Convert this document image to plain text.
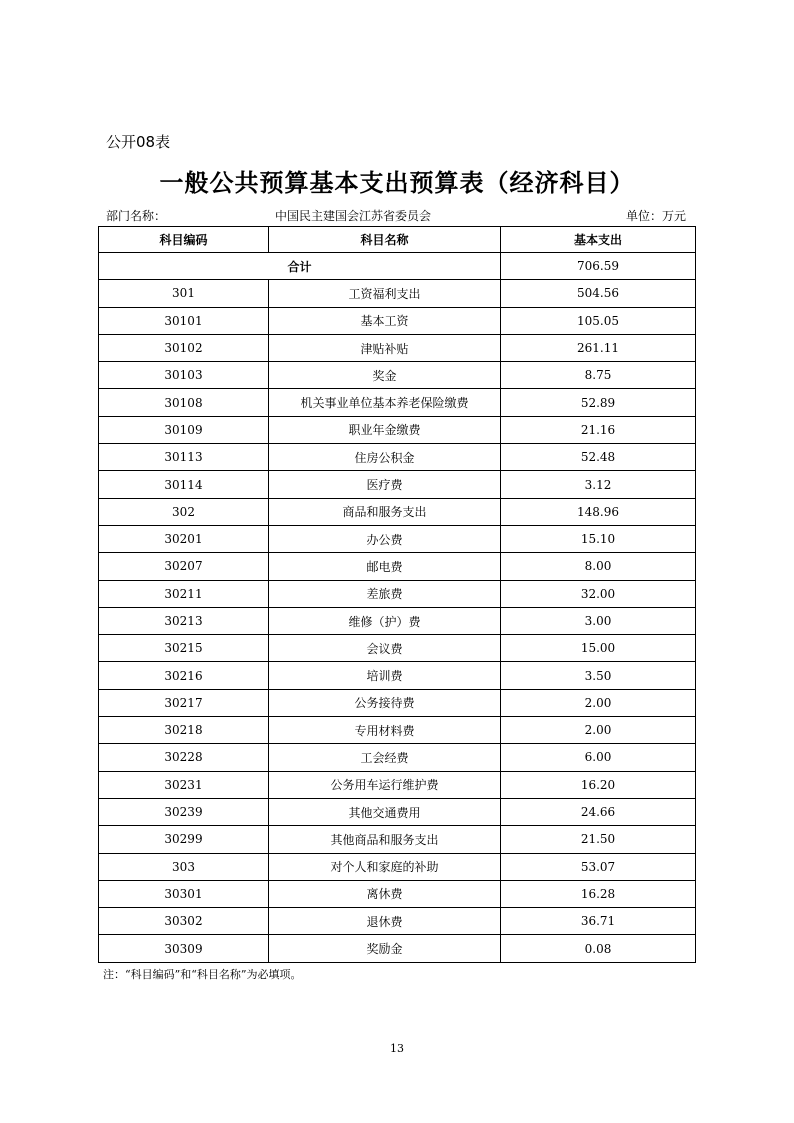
公开08表
一般公共预算基本支出预算表（经济科目）
部门名称：	中国民主建国会江苏省委员会	单位：万元
科目编码	科目名称	基本支出
合计		706.59
301	工资福利支出	504.56
30101	基本工资	105.05
30102	津贴补贴	261.11
30103	奖金	8.75
30108	机关事业单位基本养老保险缴费	52.89
30109	职业年金缴费	21.16
30113	住房公积金	52.48
30114	医疗费	3.12
302	商品和服务支出	148.96
30201	办公费	15.10
30207	邮电费	8.00
30211	差旅费	32.00
30213	维修（护）费	3.00
30215	会议费	15.00
30216	培训费	3.50
30217	公务接待费	2.00
30218	专用材料费	2.00
30228	工会经费	6.00
30231	公务用车运行维护费	16.20
30239	其他交通费用	24.66
30299	其他商品和服务支出	21.50
303	对个人和家庭的补助	53.07
30301	离休费	16.28
30302	退休费	36.71
30309	奖励金	0.08
注：“科目编码”和“科目名称”为必填项。
13
